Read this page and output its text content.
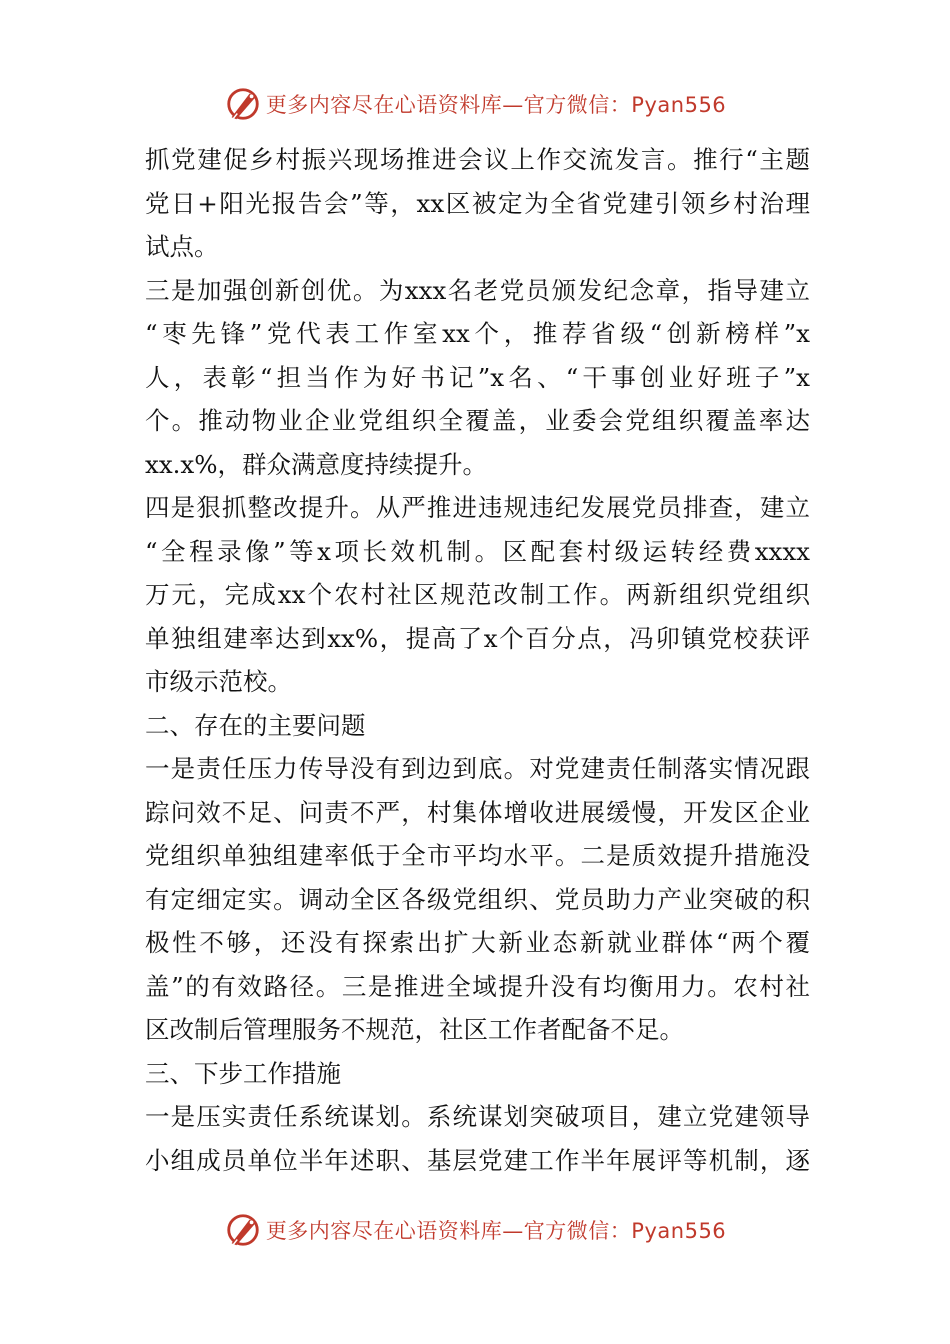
更多内容尽在心语资料库—官方微信：Pyan556
抓党建促乡村振兴现场推进会议上作交流发言。推行“主题
党日+阳光报告会”等，xx区被定为全省党建引领乡村治理
试点。
三是加强创新创优。为xxx名老党员颁发纪念章，指导建立
“枣先锋”党代表工作室xx个，推荐省级“创新榜样”x
人，表彰“担当作为好书记”x名、“干事创业好班子”x
个。推动物业企业党组织全覆盖，业委会党组织覆盖率达
xx.x%，群众满意度持续提升。
四是狠抓整改提升。从严推进违规违纪发展党员排查，建立
“全程录像”等x项长效机制。区配套村级运转经费xxxx
万元，完成xx个农村社区规范改制工作。两新组织党组织
单独组建率达到xx%，提高了x个百分点，冯卯镇党校获评
市级示范校。
二、存在的主要问题
一是责任压力传导没有到边到底。对党建责任制落实情况跟
踪问效不足、问责不严，村集体增收进展缓慢，开发区企业
党组织单独组建率低于全市平均水平。二是质效提升措施没
有定细定实。调动全区各级党组织、党员助力产业突破的积
极性不够，还没有探索出扩大新业态新就业群体“两个覆
盖”的有效路径。三是推进全域提升没有均衡用力。农村社
区改制后管理服务不规范，社区工作者配备不足。
三、下步工作措施
一是压实责任系统谋划。系统谋划突破项目，建立党建领导
小组成员单位半年述职、基层党建工作半年展评等机制，逐
更多内容尽在心语资料库—官方微信：Pyan556
